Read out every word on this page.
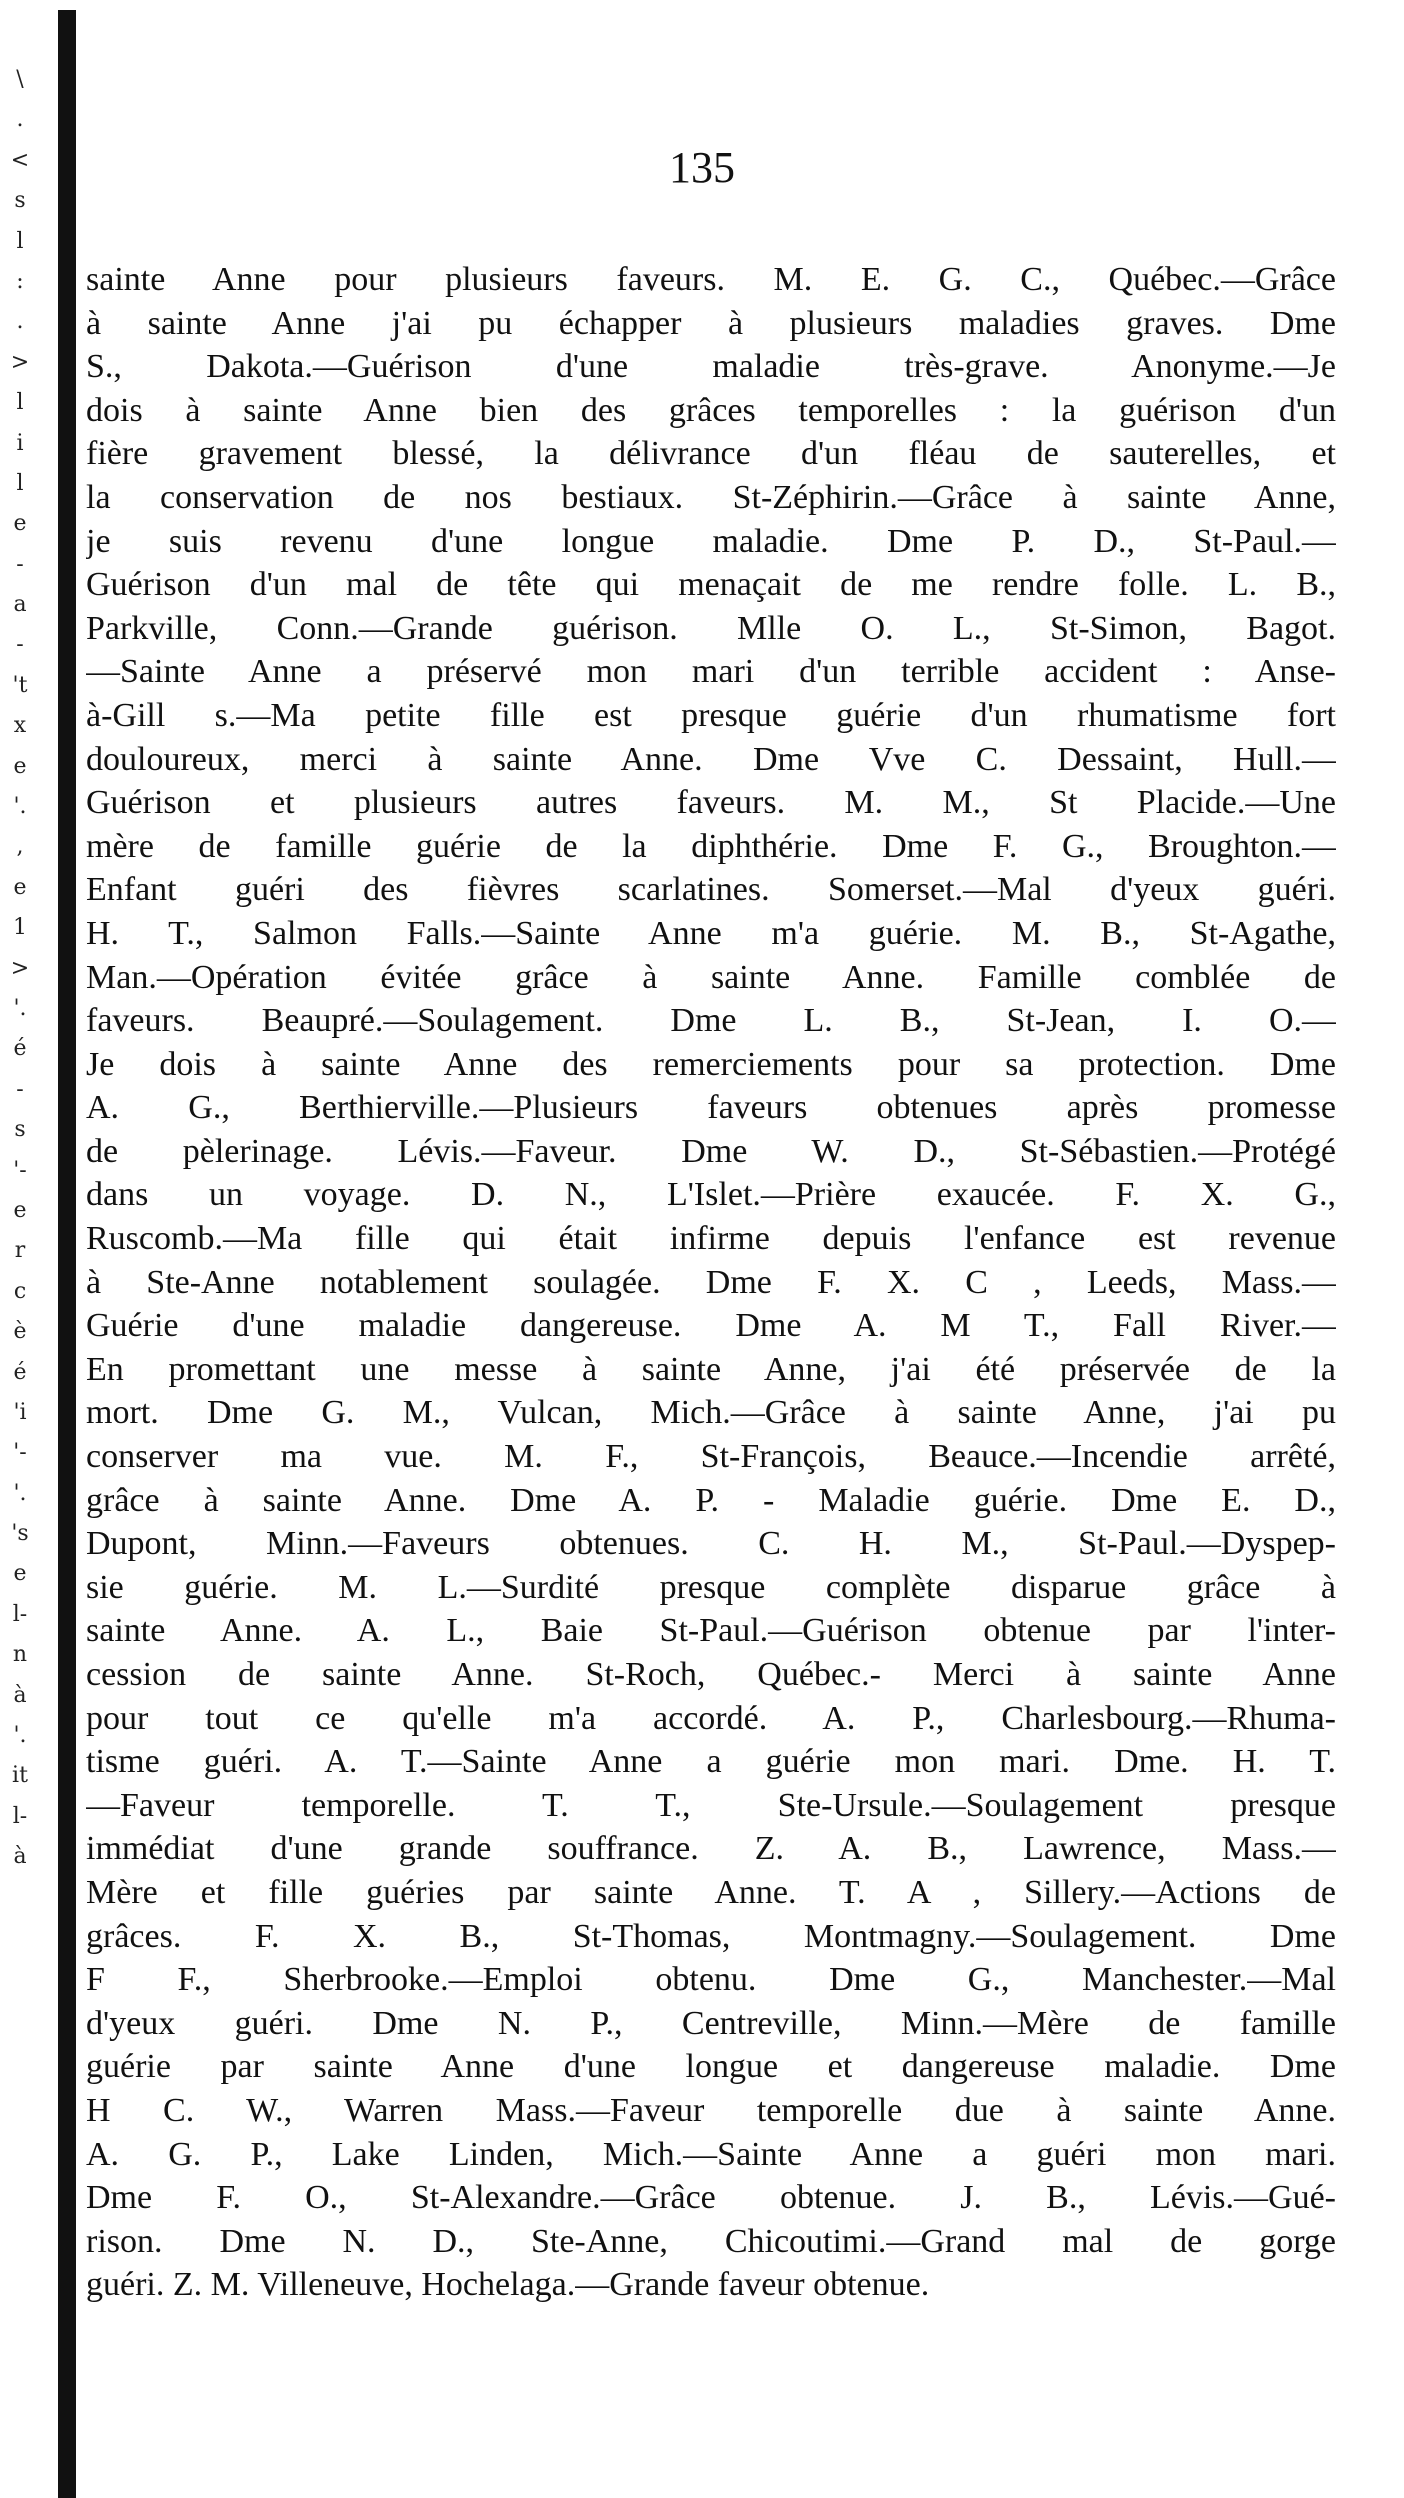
\
.
<
s
l
:
.
>
l
i
l
e
-
a
-
't
x
e
'.
,
e
1
>
'.
é
-
s
'-
e
r
c
è
é
'i
'-
'.
's
e
l-
n
à
'.
it
l-
à
135
sainte Anne pour plusieurs faveurs. M. E. G. C., Québec.—Grâce
à sainte Anne j'ai pu échapper à plusieurs maladies graves. Dme
S., Dakota.—Guérison d'une maladie très-grave. Anonyme.—Je
dois à sainte Anne bien des grâces temporelles : la guérison d'un
fière gravement blessé, la délivrance d'un fléau de sauterelles, et
la conservation de nos bestiaux. St-Zéphirin.—Grâce à sainte Anne,
je suis revenu d'une longue maladie. Dme P. D., St-Paul.—
Guérison d'un mal de tête qui menaçait de me rendre folle. L. B.,
Parkville, Conn.—Grande guérison. Mlle O. L., St-Simon, Bagot.
—Sainte Anne a préservé mon mari d'un terrible accident : Anse-
à-Gill s.—Ma petite fille est presque guérie d'un rhumatisme fort
douloureux, merci à sainte Anne. Dme Vve C. Dessaint, Hull.—
Guérison et plusieurs autres faveurs. M. M., St Placide.—Une
mère de famille guérie de la diphthérie. Dme F. G., Broughton.—
Enfant guéri des fièvres scarlatines. Somerset.—Mal d'yeux guéri.
H. T., Salmon Falls.—Sainte Anne m'a guérie. M. B., St-Agathe,
Man.—Opération évitée grâce à sainte Anne. Famille comblée de
faveurs. Beaupré.—Soulagement. Dme L. B., St-Jean, I. O.—
Je dois à sainte Anne des remerciements pour sa protection. Dme
A. G., Berthierville.—Plusieurs faveurs obtenues après promesse
de pèlerinage. Lévis.—Faveur. Dme W. D., St-Sébastien.—Protégé
dans un voyage. D. N., L'Islet.—Prière exaucée. F. X. G.,
Ruscomb.—Ma fille qui était infirme depuis l'enfance est revenue
à Ste-Anne notablement soulagée. Dme F. X. C , Leeds, Mass.—
Guérie d'une maladie dangereuse. Dme A. M T., Fall River.—
En promettant une messe à sainte Anne, j'ai été préservée de la
mort. Dme G. M., Vulcan, Mich.—Grâce à sainte Anne, j'ai pu
conserver ma vue. M. F., St-François, Beauce.—Incendie arrêté,
grâce à sainte Anne. Dme A. P. - Maladie guérie. Dme E. D.,
Dupont, Minn.—Faveurs obtenues. C. H. M., St-Paul.—Dyspep-
sie guérie. M. L.—Surdité presque complète disparue grâce à
sainte Anne. A. L., Baie St-Paul.—Guérison obtenue par l'inter-
cession de sainte Anne. St-Roch, Québec.- Merci à sainte Anne
pour tout ce qu'elle m'a accordé. A. P., Charlesbourg.—Rhuma-
tisme guéri. A. T.—Sainte Anne a guérie mon mari. Dme. H. T.
—Faveur temporelle. T. T., Ste-Ursule.—Soulagement presque
immédiat d'une grande souffrance. Z. A. B., Lawrence, Mass.—
Mère et fille guéries par sainte Anne. T. A , Sillery.—Actions de
grâces. F. X. B., St-Thomas, Montmagny.—Soulagement. Dme
F F., Sherbrooke.—Emploi obtenu. Dme G., Manchester.—Mal
d'yeux guéri. Dme N. P., Centreville, Minn.—Mère de famille
guérie par sainte Anne d'une longue et dangereuse maladie. Dme
H C. W., Warren Mass.—Faveur temporelle due à sainte Anne.
A. G. P., Lake Linden, Mich.—Sainte Anne a guéri mon mari.
Dme F. O., St-Alexandre.—Grâce obtenue. J. B., Lévis.—Gué-
rison. Dme N. D., Ste-Anne, Chicoutimi.—Grand mal de gorge
guéri. Z. M. Villeneuve, Hochelaga.—Grande faveur obtenue.
